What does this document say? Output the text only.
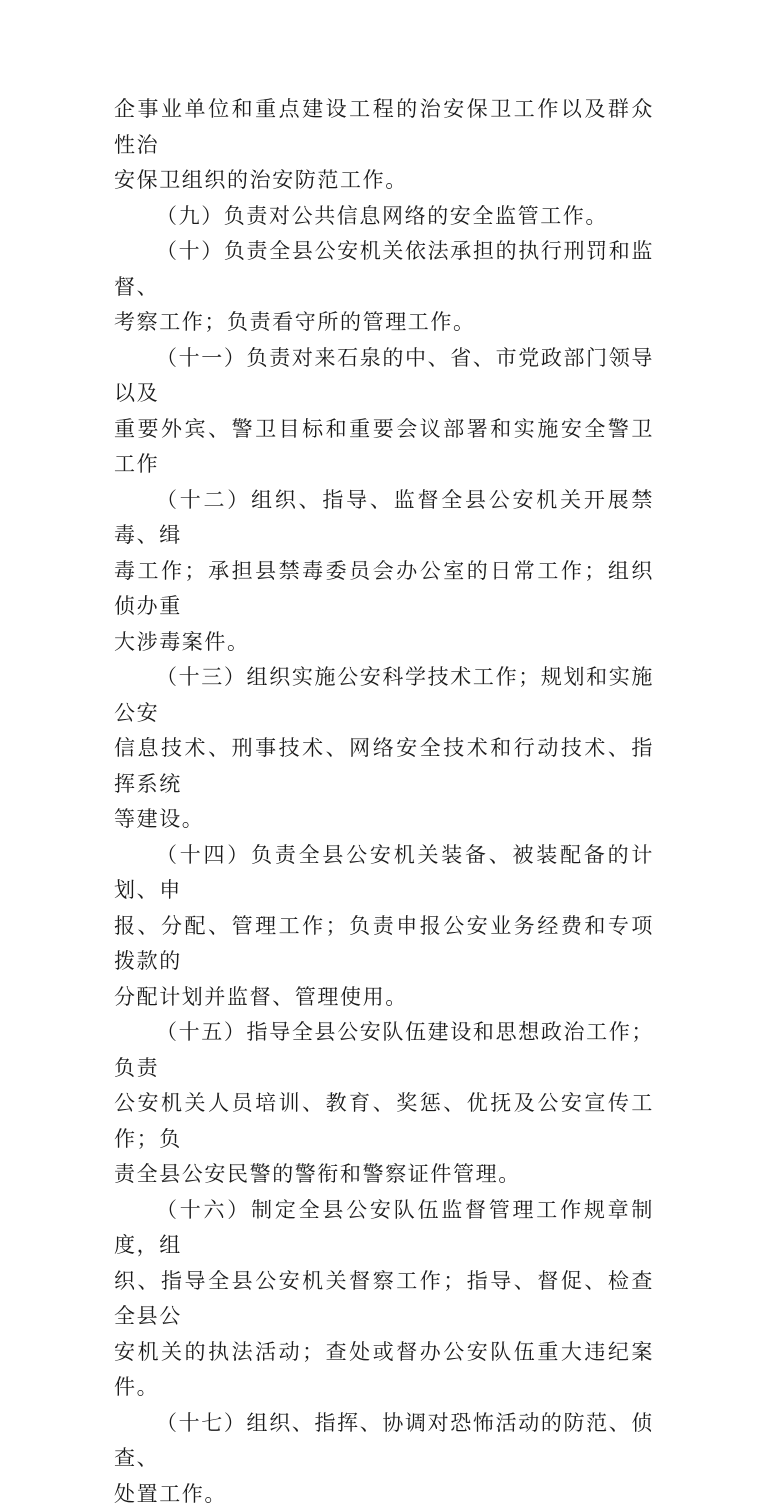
企事业单位和重点建设工程的治安保卫工作以及群众性治
安保卫组织的治安防范工作。

（九）负责对公共信息网络的安全监管工作。

（十）负责全县公安机关依法承担的执行刑罚和监督、
考察工作；负责看守所的管理工作。

（十一）负责对来石泉的中、省、市党政部门领导以及
重要外宾、警卫目标和重要会议部署和实施安全警卫工作

（十二）组织、指导、监督全县公安机关开展禁毒、缉
毒工作；承担县禁毒委员会办公室的日常工作；组织侦办重
大涉毒案件。

（十三）组织实施公安科学技术工作；规划和实施公安
信息技术、刑事技术、网络安全技术和行动技术、指挥系统
等建设。

（十四）负责全县公安机关装备、被装配备的计划、申
报、分配、管理工作；负责申报公安业务经费和专项拨款的
分配计划并监督、管理使用。

（十五）指导全县公安队伍建设和思想政治工作；负责
公安机关人员培训、教育、奖惩、优抚及公安宣传工作；负
责全县公安民警的警衔和警察证件管理。

（十六）制定全县公安队伍监督管理工作规章制度，组
织、指导全县公安机关督察工作；指导、督促、检查全县公
安机关的执法活动；查处或督办公安队伍重大违纪案件。

（十七）组织、指挥、协调对恐怖活动的防范、侦查、
处置工作。
